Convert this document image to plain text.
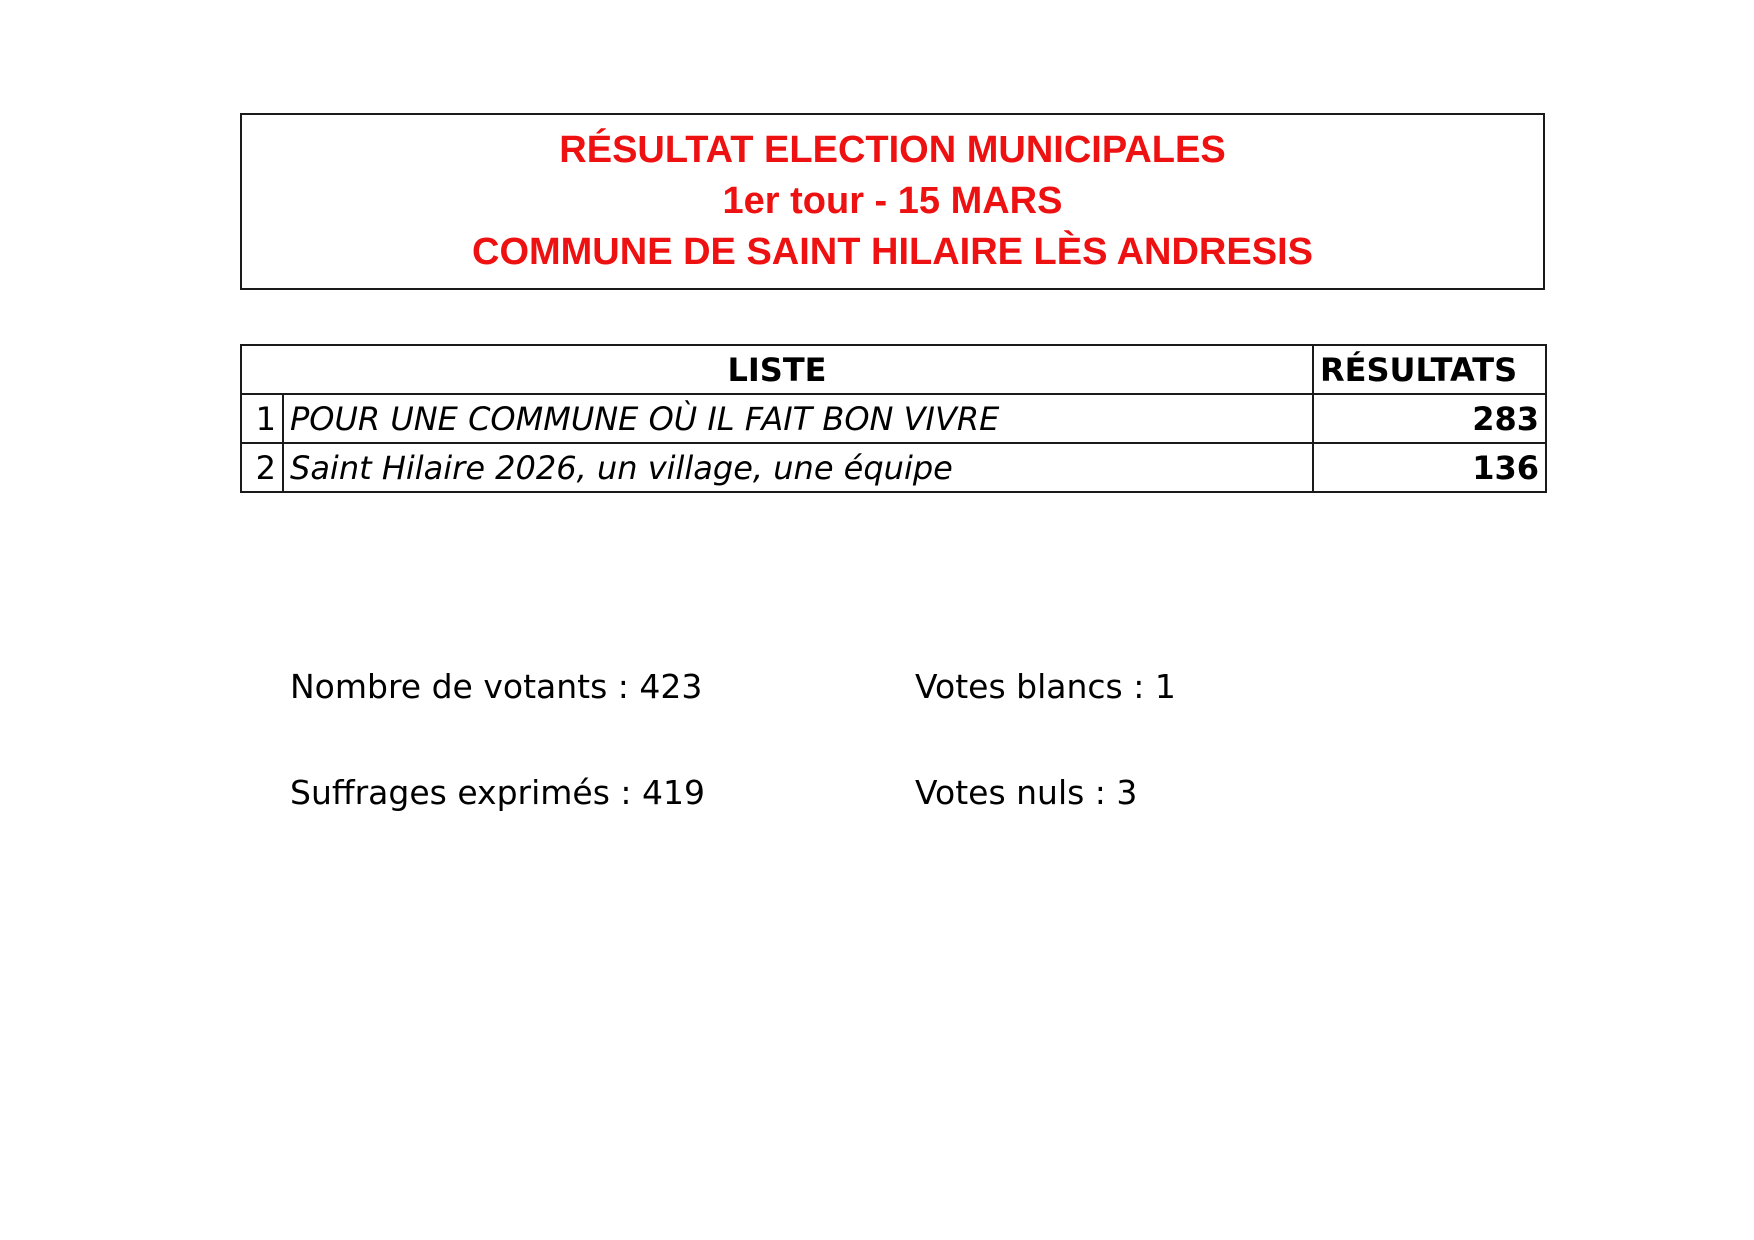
RÉSULTAT ELECTION MUNICIPALES
1er tour - 15 MARS
COMMUNE DE SAINT HILAIRE LÈS ANDRESIS
LISTE		RÉSULTATS
1	POUR UNE COMMUNE OÙ IL FAIT BON VIVRE	283
2	Saint Hilaire 2026, un village, une équipe	136
Nombre de votants : 423	Votes blancs : 1
Suffrages exprimés : 419	Votes nuls : 3
